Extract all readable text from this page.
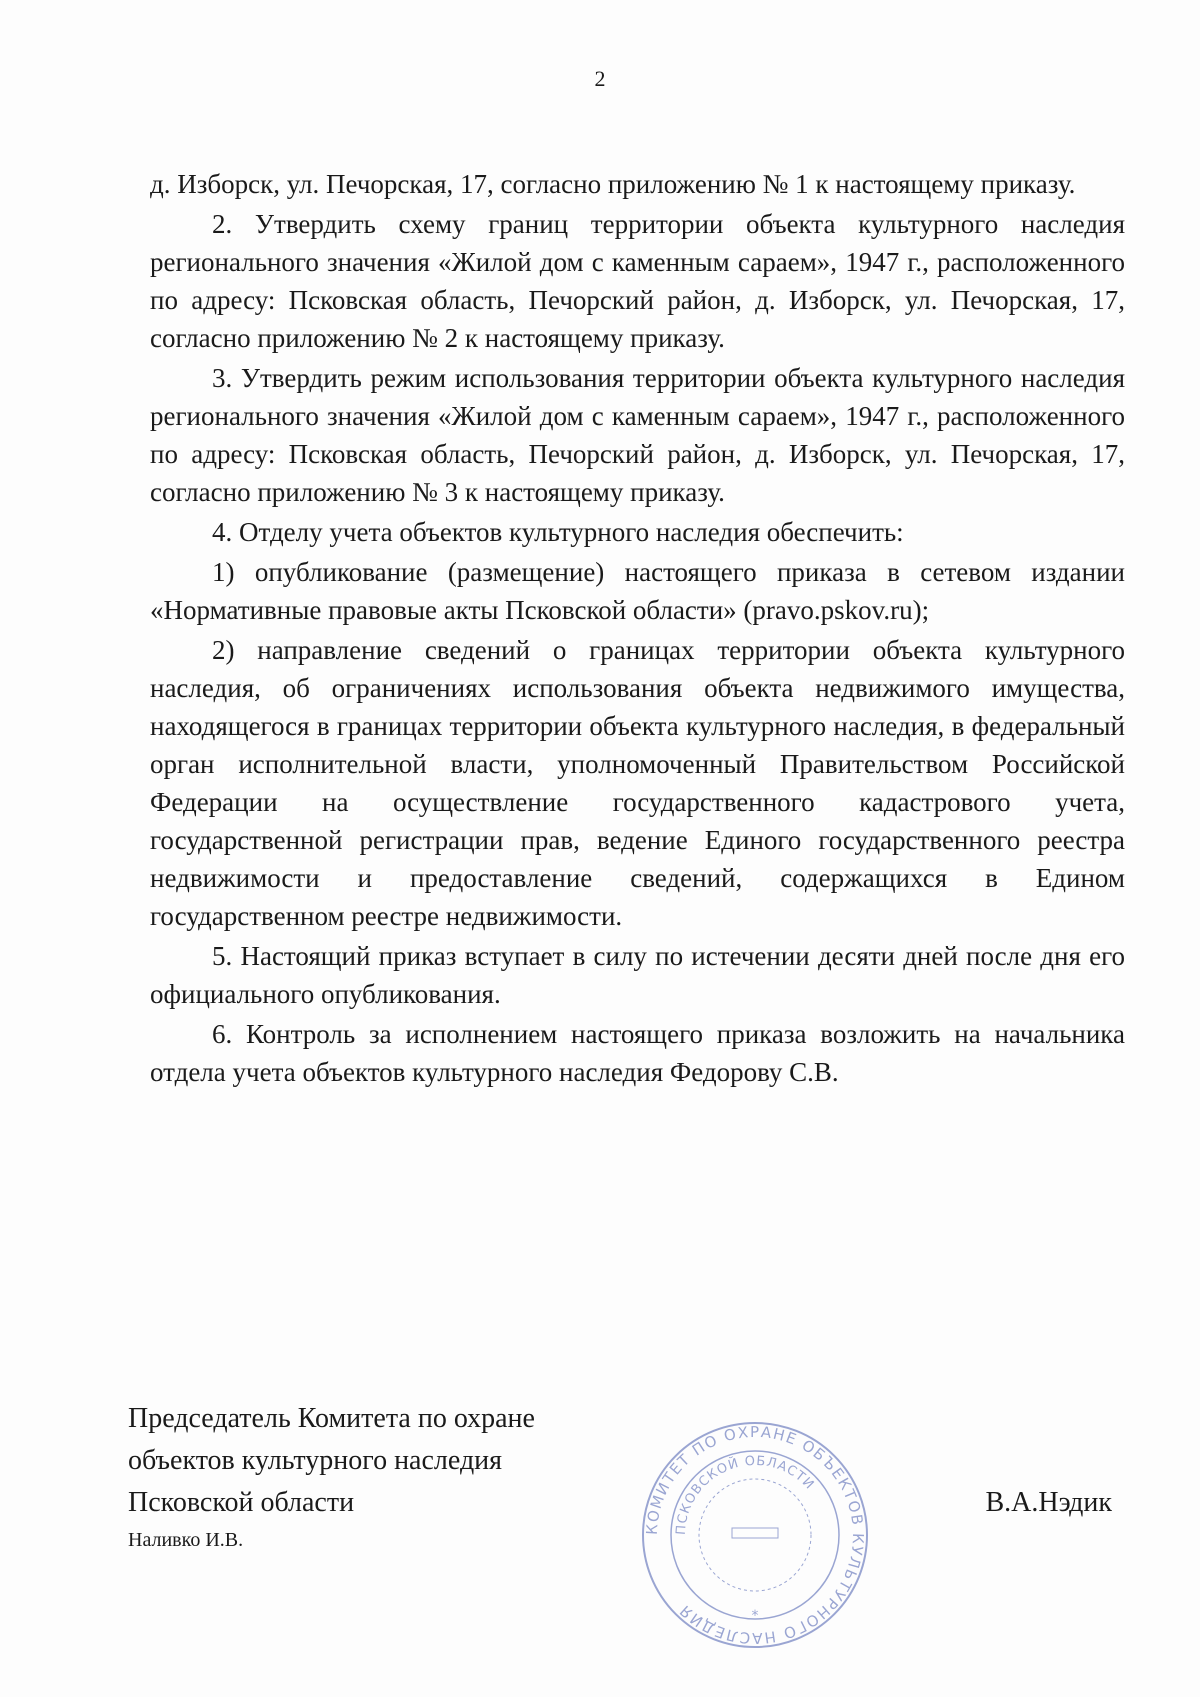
2

д. Изборск, ул. Печорская, 17, согласно приложению № 1 к настоящему приказу.

2. Утвердить схему границ территории объекта культурного наследия регионального значения «Жилой дом с каменным сараем», 1947 г., расположенного по адресу: Псковская область, Печорский район, д. Изборск, ул. Печорская, 17, согласно приложению № 2 к настоящему приказу.

3. Утвердить режим использования территории объекта культурного наследия регионального значения «Жилой дом с каменным сараем», 1947 г., расположенного по адресу: Псковская область, Печорский район, д. Изборск, ул. Печорская, 17, согласно приложению № 3 к настоящему приказу.

4. Отделу учета объектов культурного наследия обеспечить:

1) опубликование (размещение) настоящего приказа в сетевом издании «Нормативные правовые акты Псковской области» (pravo.pskov.ru);

2) направление сведений о границах территории объекта культурного наследия, об ограничениях использования объекта недвижимого имущества, находящегося в границах территории объекта культурного наследия, в федеральный орган исполнительной власти, уполномоченный Правительством Российской Федерации на осуществление государственного кадастрового учета, государственной регистрации прав, ведение Единого государственного реестра недвижимости и предоставление сведений, содержащихся в Едином государственном реестре недвижимости.

5. Настоящий приказ вступает в силу по истечении десяти дней после дня его официального опубликования.

6. Контроль за исполнением настоящего приказа возложить на начальника отдела учета объектов культурного наследия Федорову С.В.

Председатель Комитета по охране
объектов культурного наследия
Псковской области
Наливко И.В.
В.А.Нэдик
КОМИТЕТ ПО ОХРАНЕ ОБЪЕКТОВ КУЛЬТУРНОГО НАСЛЕДИЯ
ПСКОВСКОЙ ОБЛАСТИ
*
